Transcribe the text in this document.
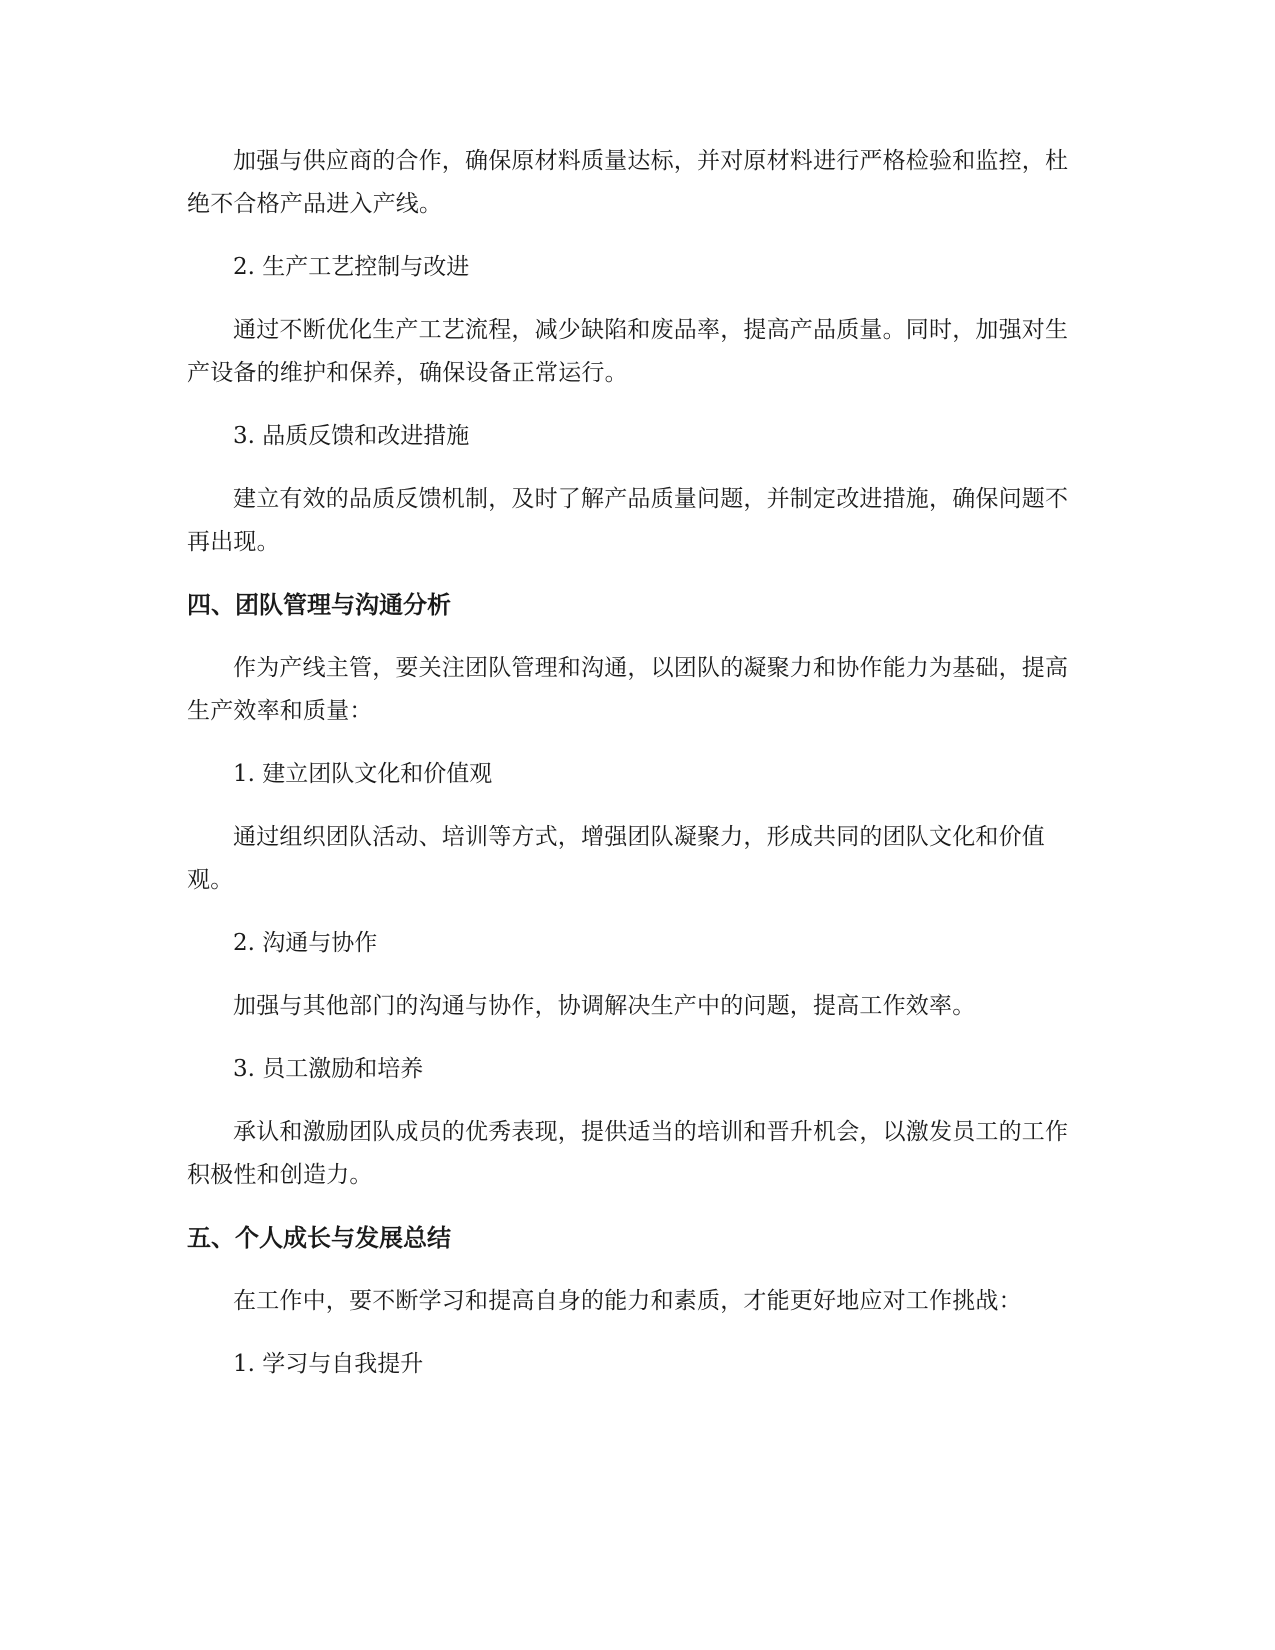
加强与供应商的合作，确保原材料质量达标，并对原材料进行严格检验和监控，杜绝不合格产品进入产线。

2. 生产工艺控制与改进

通过不断优化生产工艺流程，减少缺陷和废品率，提高产品质量。同时，加强对生产设备的维护和保养，确保设备正常运行。

3. 品质反馈和改进措施

建立有效的品质反馈机制，及时了解产品质量问题，并制定改进措施，确保问题不再出现。

四、团队管理与沟通分析

作为产线主管，要关注团队管理和沟通，以团队的凝聚力和协作能力为基础，提高生产效率和质量：

1. 建立团队文化和价值观

通过组织团队活动、培训等方式，增强团队凝聚力，形成共同的团队文化和价值观。

2. 沟通与协作

加强与其他部门的沟通与协作，协调解决生产中的问题，提高工作效率。

3. 员工激励和培养

承认和激励团队成员的优秀表现，提供适当的培训和晋升机会，以激发员工的工作积极性和创造力。

五、个人成长与发展总结

在工作中，要不断学习和提高自身的能力和素质，才能更好地应对工作挑战：

1. 学习与自我提升
